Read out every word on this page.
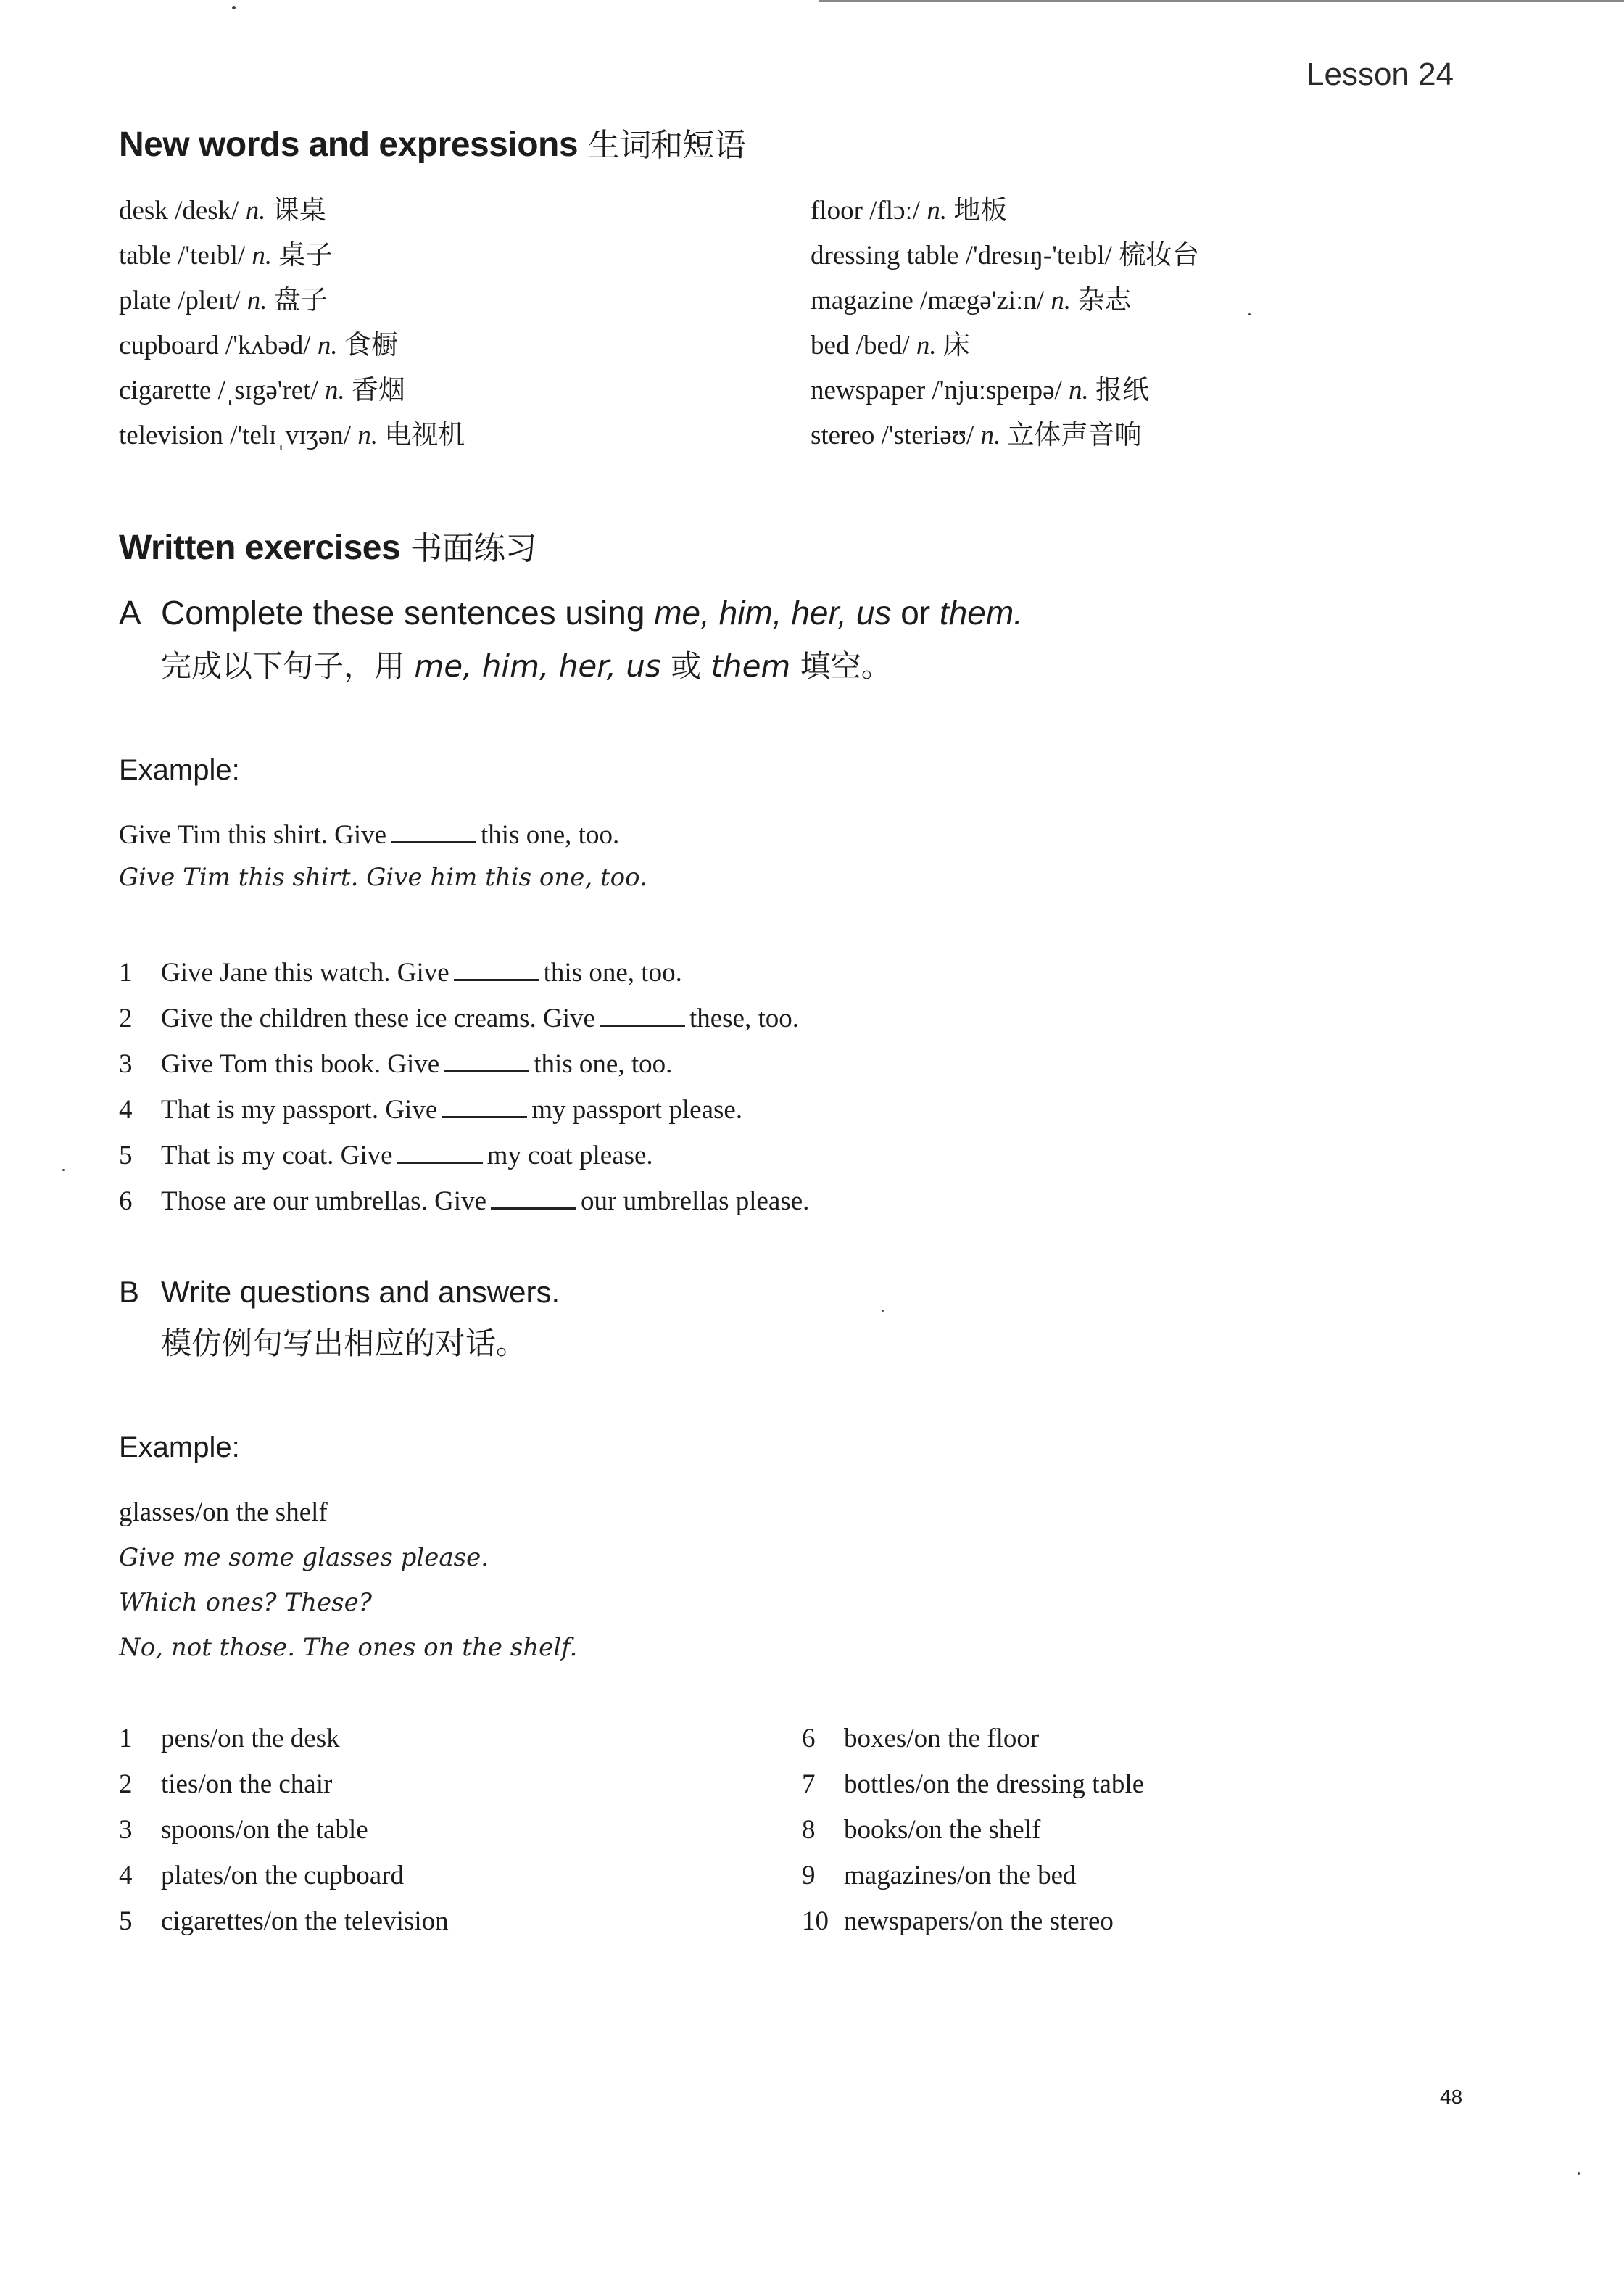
Lesson 24
New words and expressions 生词和短语
desk /desk/ n. 课桌
table /'teɪbl/ n. 桌子
plate /pleɪt/ n. 盘子
cupboard /'kʌbəd/ n. 食橱
cigarette /ˌsɪgə'ret/ n. 香烟
television /'telɪˌvɪʒən/ n. 电视机
floor /flɔː/ n. 地板
dressing table /'dresɪŋ-'teɪbl/ 梳妆台
magazine /mægə'ziːn/ n. 杂志
bed /bed/ n. 床
newspaper /'njuːspeɪpə/ n. 报纸
stereo /'steriəʊ/ n. 立体声音响
Written exercises 书面练习
A Complete these sentences using me, him, her, us or them.
完成以下句子，用 me, him, her, us 或 them 填空。
Example:
Give Tim this shirt. Give	this one, too.
Give Tim this shirt. Give him this one, too.
1 Give Jane this watch. Give	this one, too.
2 Give the children these ice creams. Give	these, too.
3 Give Tom this book. Give	this one, too.
4 That is my passport. Give	my passport please.
5 That is my coat. Give	my coat please.
6 Those are our umbrellas. Give	our umbrellas please.
B Write questions and answers.
模仿例句写出相应的对话。
Example:
glasses/on the shelf
Give me some glasses please.
Which ones? These?
No, not those. The ones on the shelf.
1 pens/on the desk
2 ties/on the chair
3 spoons/on the table
4 plates/on the cupboard
5 cigarettes/on the television
6 boxes/on the floor
7 bottles/on the dressing table
8 books/on the shelf
9 magazines/on the bed
10 newspapers/on the stereo
48
